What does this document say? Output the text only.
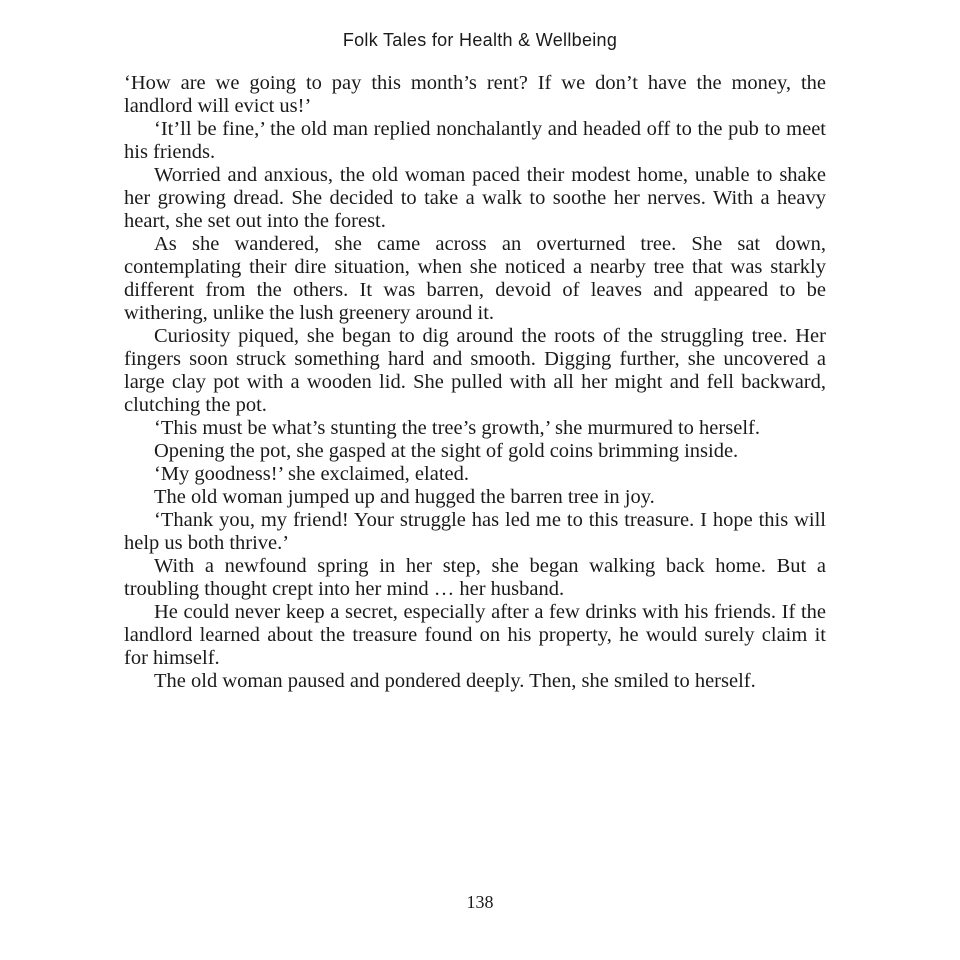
Folk Tales for Health & Wellbeing

‘How are we going to pay this month’s rent? If we don’t have the money, the landlord will evict us!’

‘It’ll be fine,’ the old man replied nonchalantly and headed off to the pub to meet his friends.

Worried and anxious, the old woman paced their modest home, unable to shake her growing dread. She decided to take a walk to soothe her nerves. With a heavy heart, she set out into the forest.

As she wandered, she came across an overturned tree. She sat down, contemplating their dire situation, when she noticed a nearby tree that was starkly different from the others. It was barren, devoid of leaves and appeared to be withering, unlike the lush greenery around it.

Curiosity piqued, she began to dig around the roots of the struggling tree. Her fingers soon struck something hard and smooth. Digging further, she uncovered a large clay pot with a wooden lid. She pulled with all her might and fell backward, clutching the pot.

‘This must be what’s stunting the tree’s growth,’ she murmured to herself.

Opening the pot, she gasped at the sight of gold coins brimming inside.

‘My goodness!’ she exclaimed, elated.

The old woman jumped up and hugged the barren tree in joy.

‘Thank you, my friend! Your struggle has led me to this treasure. I hope this will help us both thrive.’

With a newfound spring in her step, she began walking back home. But a troubling thought crept into her mind … her husband.

He could never keep a secret, especially after a few drinks with his friends. If the landlord learned about the treasure found on his property, he would surely claim it for himself.

The old woman paused and pondered deeply. Then, she smiled to herself.

138
